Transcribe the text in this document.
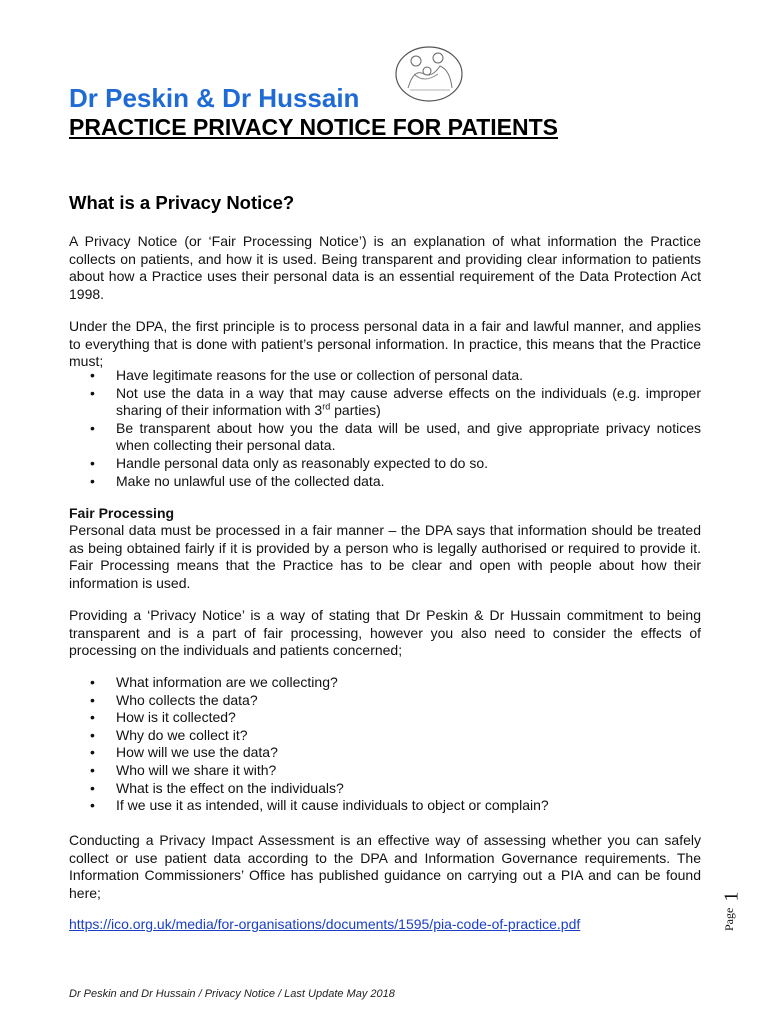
Dr Peskin & Dr Hussain
PRACTICE PRIVACY NOTICE FOR PATIENTS
What is a Privacy Notice?

A Privacy Notice (or ‘Fair Processing Notice’) is an explanation of what information the Practice collects on patients, and how it is used. Being transparent and providing clear information to patients about how a Practice uses their personal data is an essential requirement of the Data Protection Act 1998.

Under the DPA, the first principle is to process personal data in a fair and lawful manner, and applies to everything that is done with patient’s personal information. In practice, this means that the Practice must;

• Have legitimate reasons for the use or collection of personal data.
• Not use the data in a way that may cause adverse effects on the individuals (e.g. improper sharing of their information with 3rd parties)
• Be transparent about how you the data will be used, and give appropriate privacy notices when collecting their personal data.
• Handle personal data only as reasonably expected to do so.
• Make no unlawful use of the collected data.
Fair Processing

Personal data must be processed in a fair manner – the DPA says that information should be treated as being obtained fairly if it is provided by a person who is legally authorised or required to provide it. Fair Processing means that the Practice has to be clear and open with people about how their information is used.

Providing a ‘Privacy Notice’ is a way of stating that Dr Peskin & Dr Hussain commitment to being transparent and is a part of fair processing, however you also need to consider the effects of processing on the individuals and patients concerned;

• What information are we collecting?
• Who collects the data?
• How is it collected?
• Why do we collect it?
• How will we use the data?
• Who will we share it with?
• What is the effect on the individuals?
• If we use it as intended, will it cause individuals to object or complain?

Conducting a Privacy Impact Assessment is an effective way of assessing whether you can safely collect or use patient data according to the DPA and Information Governance requirements. The Information Commissioners’ Office has published guidance on carrying out a PIA and can be found here;

https://ico.org.uk/media/for-organisations/documents/1595/pia-code-of-practice.pdf	Page
1
Dr Peskin and Dr Hussain / Privacy Notice / Last Update May 2018
